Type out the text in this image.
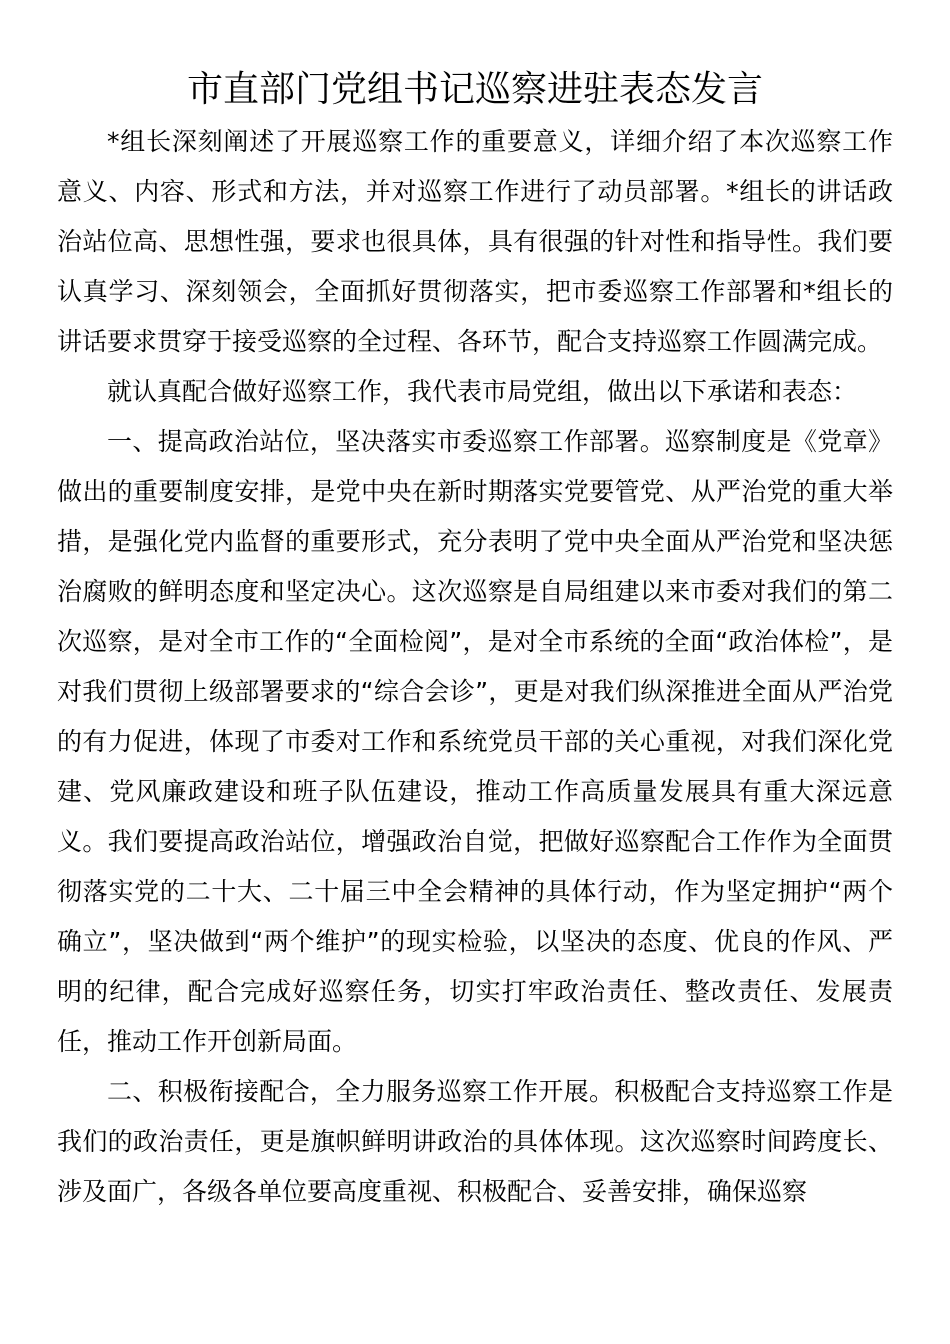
市直部门党组书记巡察进驻表态发言

*组长深刻阐述了开展巡察工作的重要意义，详细介绍了本次巡察工作意义、内容、形式和方法，并对巡察工作进行了动员部署。*组长的讲话政治站位高、思想性强，要求也很具体，具有很强的针对性和指导性。我们要认真学习、深刻领会，全面抓好贯彻落实，把市委巡察工作部署和*组长的讲话要求贯穿于接受巡察的全过程、各环节，配合支持巡察工作圆满完成。

就认真配合做好巡察工作，我代表市局党组，做出以下承诺和表态：

一、提高政治站位，坚决落实市委巡察工作部署。巡察制度是《党章》做出的重要制度安排，是党中央在新时期落实党要管党、从严治党的重大举措，是强化党内监督的重要形式，充分表明了党中央全面从严治党和坚决惩治腐败的鲜明态度和坚定决心。这次巡察是自局组建以来市委对我们的第二次巡察，是对全市工作的“全面检阅”，是对全市系统的全面“政治体检”，是对我们贯彻上级部署要求的“综合会诊”，更是对我们纵深推进全面从严治党的有力促进，体现了市委对工作和系统党员干部的关心重视，对我们深化党建、党风廉政建设和班子队伍建设，推动工作高质量发展具有重大深远意义。我们要提高政治站位，增强政治自觉，把做好巡察配合工作作为全面贯彻落实党的二十大、二十届三中全会精神的具体行动，作为坚定拥护“两个确立”，坚决做到“两个维护”的现实检验，以坚决的态度、优良的作风、严明的纪律，配合完成好巡察任务，切实打牢政治责任、整改责任、发展责任，推动工作开创新局面。

二、积极衔接配合，全力服务巡察工作开展。积极配合支持巡察工作是我们的政治责任，更是旗帜鲜明讲政治的具体体现。这次巡察时间跨度长、涉及面广，各级各单位要高度重视、积极配合、妥善安排，确保巡察
